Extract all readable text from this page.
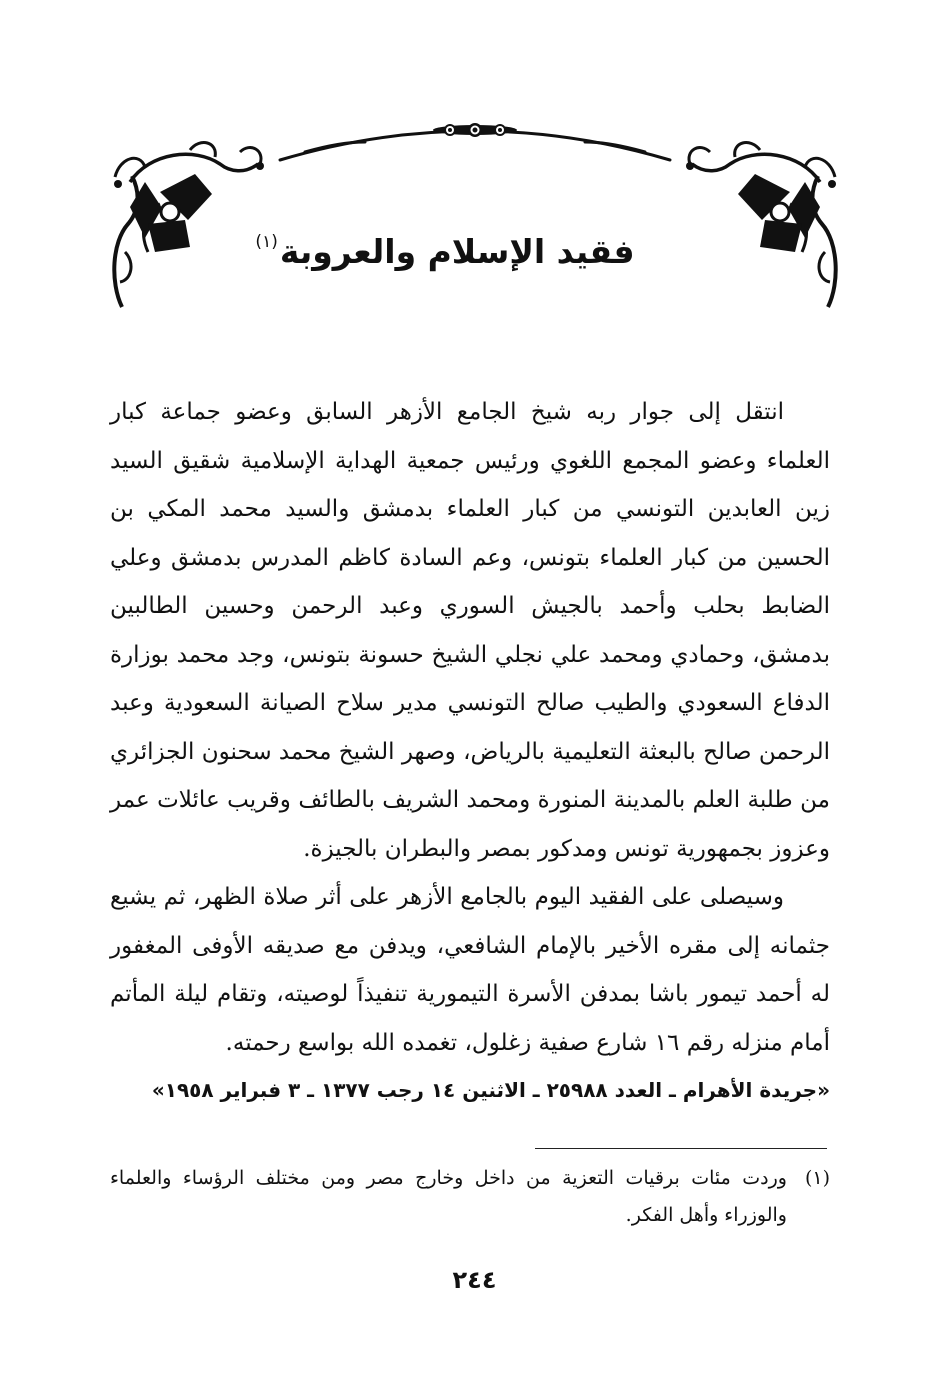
فقيد الإسلام والعروبة$^{(١)}$

انتقل إلى جوار ربه شيخ الجامع الأزهر السابق وعضو جماعة كبار العلماء وعضو المجمع اللغوي ورئيس جمعية الهداية الإسلامية شقيق السيد زين العابدين التونسي من كبار العلماء بدمشق والسيد محمد المكي بن الحسين من كبار العلماء بتونس، وعم السادة كاظم المدرس بدمشق وعلي الضابط بحلب وأحمد بالجيش السوري وعبد الرحمن وحسين الطالبين بدمشق، وحمادي ومحمد علي نجلي الشيخ حسونة بتونس، وجد محمد بوزارة الدفاع السعودي والطيب صالح التونسي مدير سلاح الصيانة السعودية وعبد الرحمن صالح بالبعثة التعليمية بالرياض، وصهر الشيخ محمد سحنون الجزائري من طلبة العلم بالمدينة المنورة ومحمد الشريف بالطائف وقريب عائلات عمر وعزوز بجمهورية تونس ومدكور بمصر والبطران بالجيزة.

وسيصلى على الفقيد اليوم بالجامع الأزهر على أثر صلاة الظهر، ثم يشيع جثمانه إلى مقره الأخير بالإمام الشافعي، ويدفن مع صديقه الأوفى المغفور له أحمد تيمور باشا بمدفن الأسرة التيمورية تنفيذاً لوصيته، وتقام ليلة المأتم أمام منزله رقم ١٦ شارع صفية زغلول، تغمده الله بواسع رحمته.

«جريدة الأهرام ـ العدد ٢٥٩٨٨ ـ الاثنين ١٤ رجب ١٣٧٧ ـ ٣ فبراير ١٩٥٨»
(١)
وردت مئات برقيات التعزية من داخل وخارج مصر ومن مختلف الرؤساء والعلماء والوزراء وأهل الفكر.
٢٤٤
